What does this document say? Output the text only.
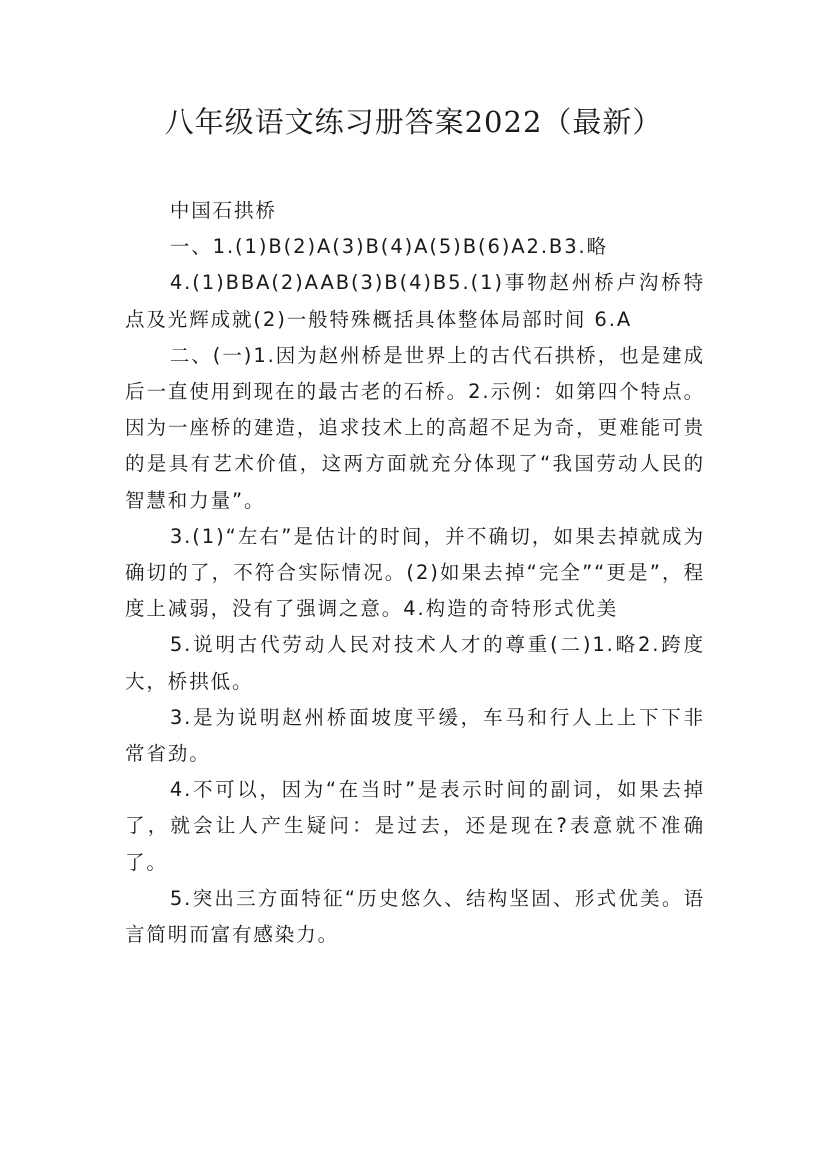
八年级语文练习册答案2022（最新）

中国石拱桥

一、1.(1)B(2)A(3)B(4)A(5)B(6)A2.B3.略

4.(1)BBA(2)AAB(3)B(4)B5.(1)事物赵州桥卢沟桥特点及光辉成就(2)一般特殊概括具体整体局部时间 6.A

二、(一)1.因为赵州桥是世界上的古代石拱桥，也是建成后一直使用到现在的最古老的石桥。2.示例：如第四个特点。因为一座桥的建造，追求技术上的高超不足为奇，更难能可贵的是具有艺术价值，这两方面就充分体现了“我国劳动人民的智慧和力量”。

3.(1)“左右”是估计的时间，并不确切，如果去掉就成为确切的了，不符合实际情况。(2)如果去掉“完全”“更是”，程度上减弱，没有了强调之意。4.构造的奇特形式优美

5.说明古代劳动人民对技术人才的尊重(二)1.略2.跨度大，桥拱低。

3.是为说明赵州桥面坡度平缓，车马和行人上上下下非常省劲。

4.不可以，因为“在当时”是表示时间的副词，如果去掉了，就会让人产生疑问：是过去，还是现在?表意就不准确了。

5.突出三方面特征“历史悠久、结构坚固、形式优美。语言简明而富有感染力。
